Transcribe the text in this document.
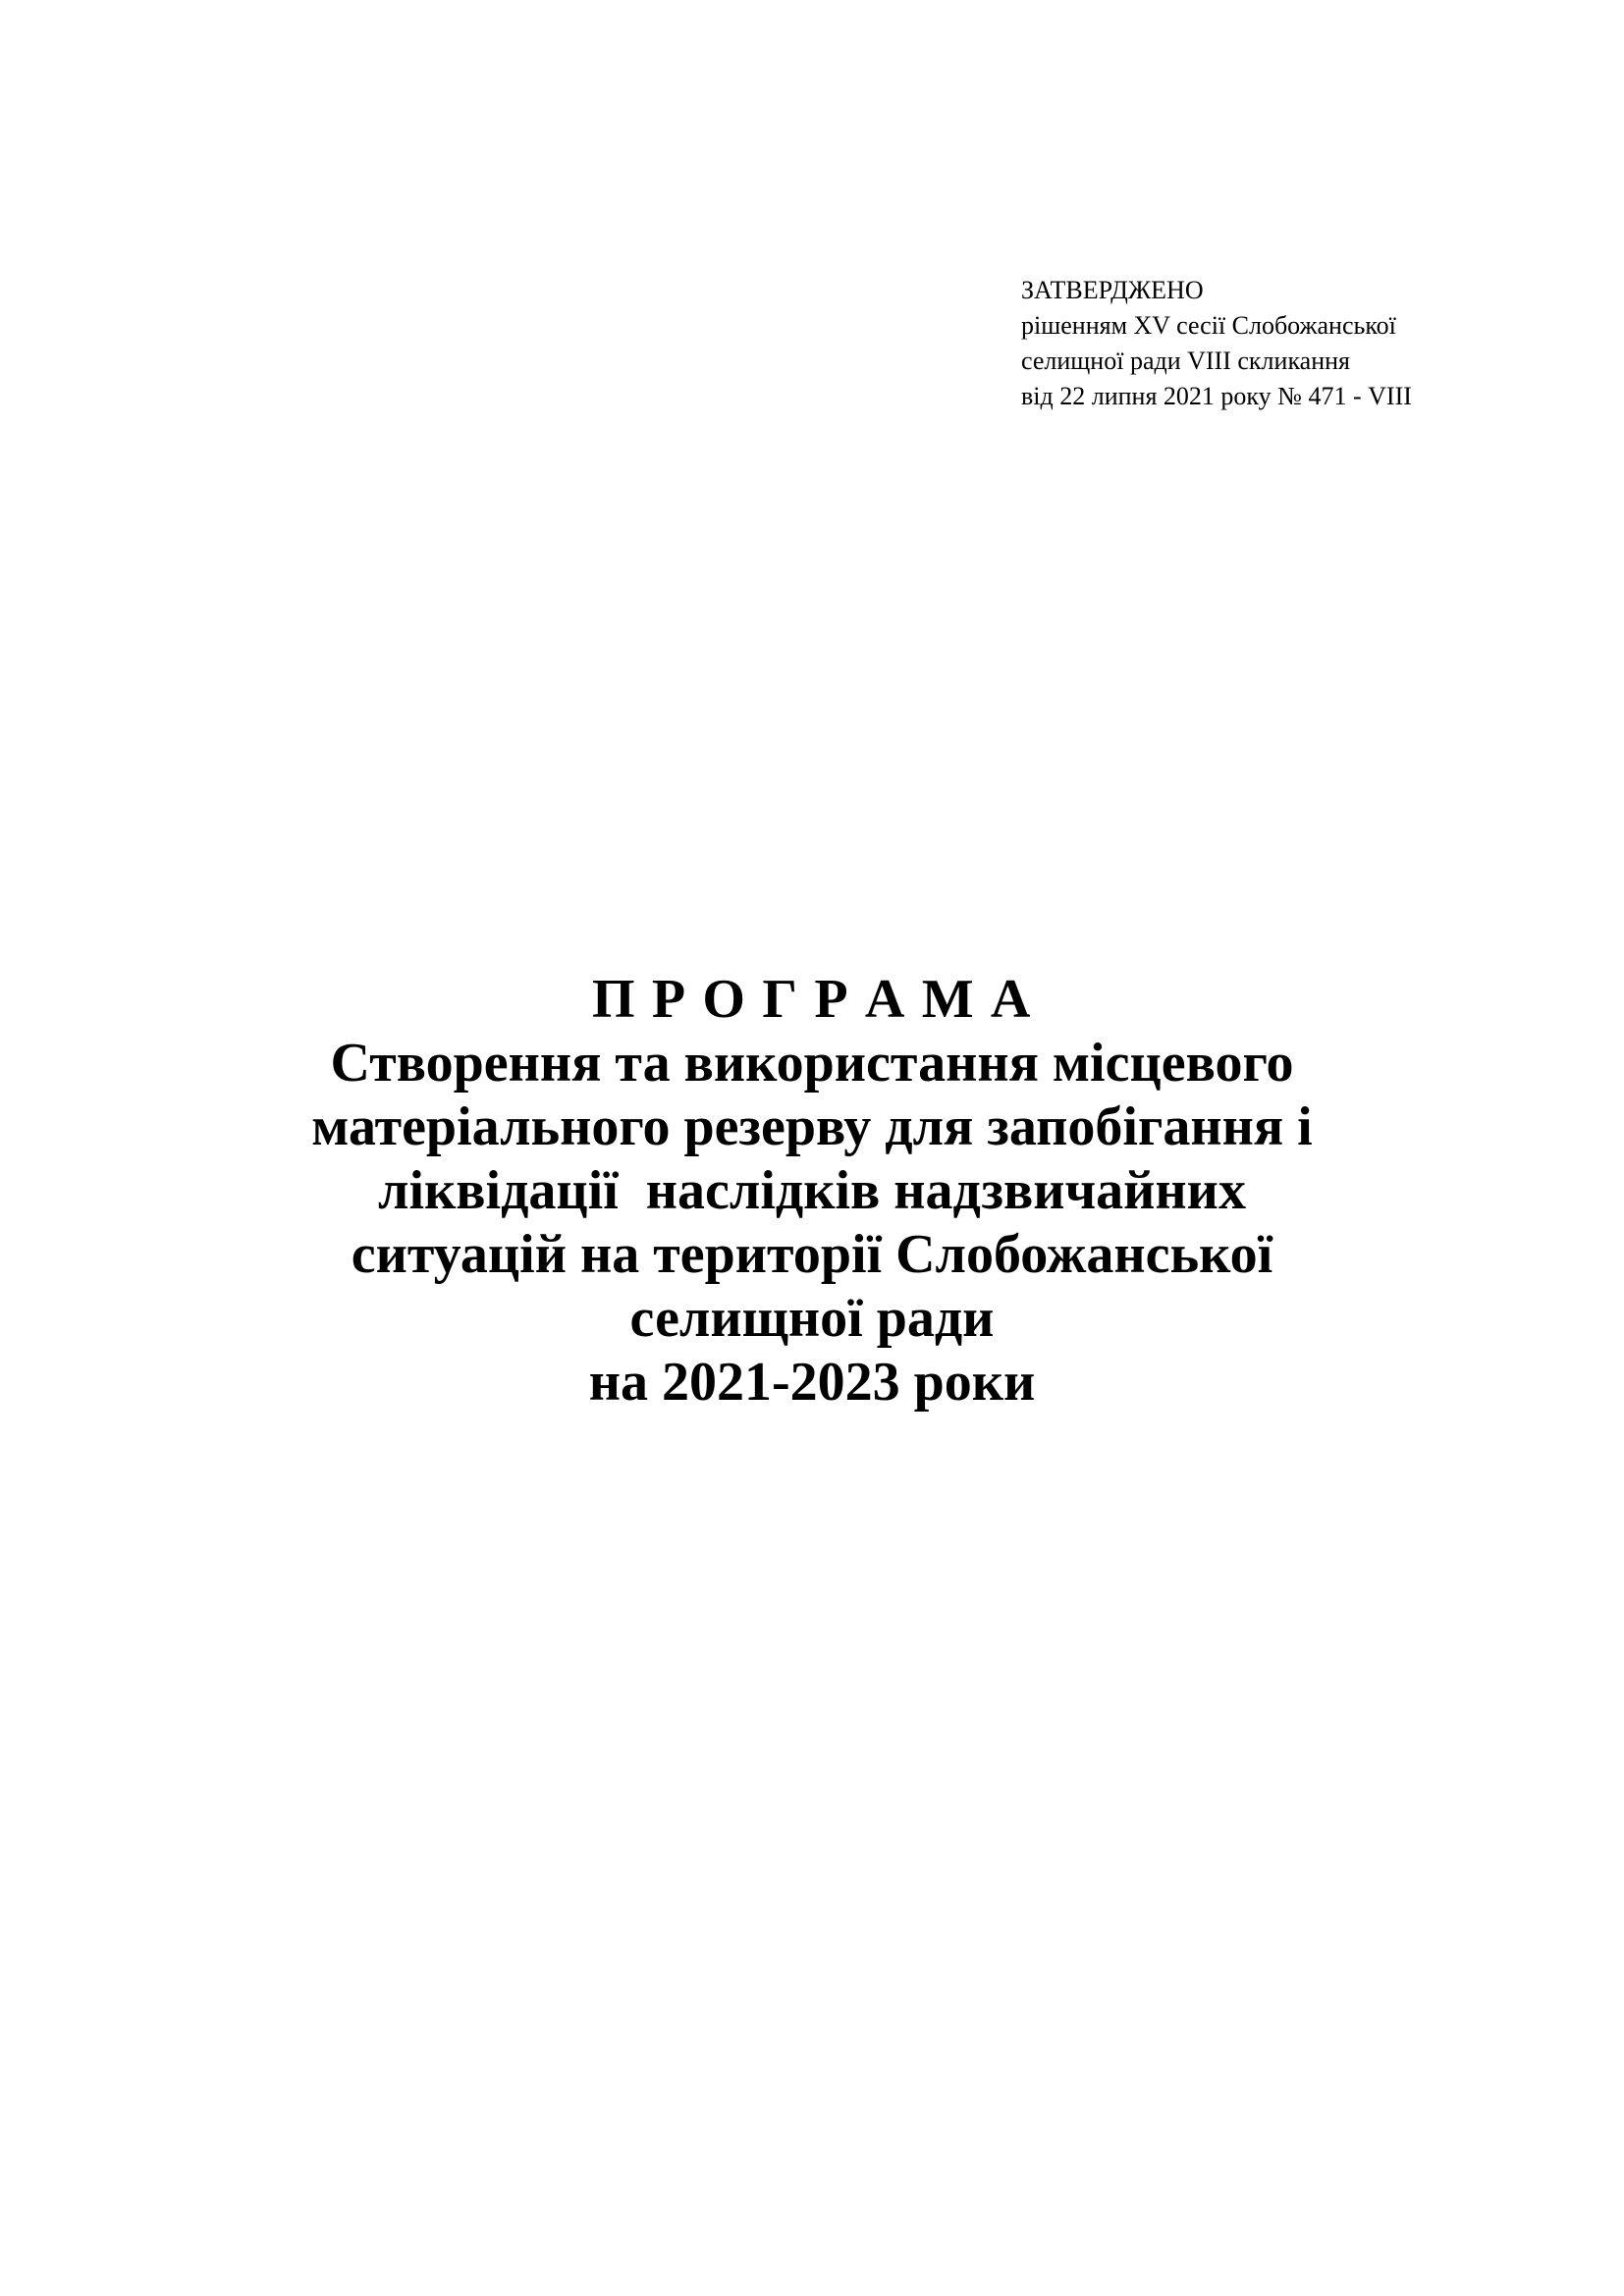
ЗАТВЕРДЖЕНО
рішенням XV сесії Слобожанської
селищної ради VIII скликання
від 22 липня 2021 року № 471 - VIII
П Р О Г Р А М А
Створення та використання місцевого
матеріального резерву для запобігання і
ліквідації  наслідків надзвичайних
ситуацій на території Слобожанської
селищної ради
на 2021-2023 роки
